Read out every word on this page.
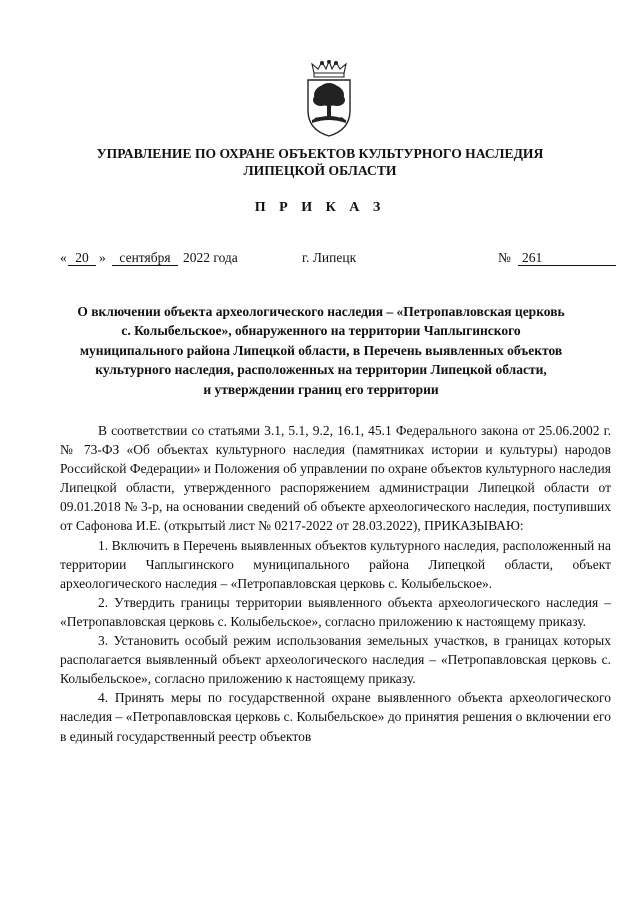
УПРАВЛЕНИЕ ПО ОХРАНЕ ОБЪЕКТОВ КУЛЬТУРНОГО НАСЛЕДИЯ
ЛИПЕЦКОЙ ОБЛАСТИ
П Р И К А З
« 20 »	сентября 2022 года	г. Липецк	№ 261
О включении объекта археологического наследия – «Петропавловская церковь
с. Колыбельское», обнаруженного на территории Чаплыгинского
муниципального района Липецкой области, в Перечень выявленных объектов
культурного наследия, расположенных на территории Липецкой области,
и утверждении границ его территории

В соответствии со статьями 3.1, 5.1, 9.2, 16.1, 45.1 Федерального закона от 25.06.2002 г. № 73-ФЗ «Об объектах культурного наследия (памятниках истории и культуры) народов Российской Федерации» и Положения об управлении по охране объектов культурного наследия Липецкой области, утвержденного распоряжением администрации Липецкой области от 09.01.2018 № 3-р, на основании сведений об объекте археологического наследия, поступивших от Сафонова И.Е. (открытый лист № 0217-2022 от 28.03.2022), ПРИКАЗЫВАЮ:

1. Включить в Перечень выявленных объектов культурного наследия, расположенный на территории Чаплыгинского муниципального района Липецкой области, объект археологического наследия – «Петропавловская церковь с. Колыбельское».

2. Утвердить границы территории выявленного объекта археологического наследия – «Петропавловская церковь с. Колыбельское», согласно приложению к настоящему приказу.

3. Установить особый режим использования земельных участков, в границах которых располагается выявленный объект археологического наследия – «Петропавловская церковь с. Колыбельское», согласно приложению к настоящему приказу.

4. Принять меры по государственной охране выявленного объекта археологического наследия – «Петропавловская церковь с. Колыбельское» до принятия решения о включении его в единый государственный реестр объектов
